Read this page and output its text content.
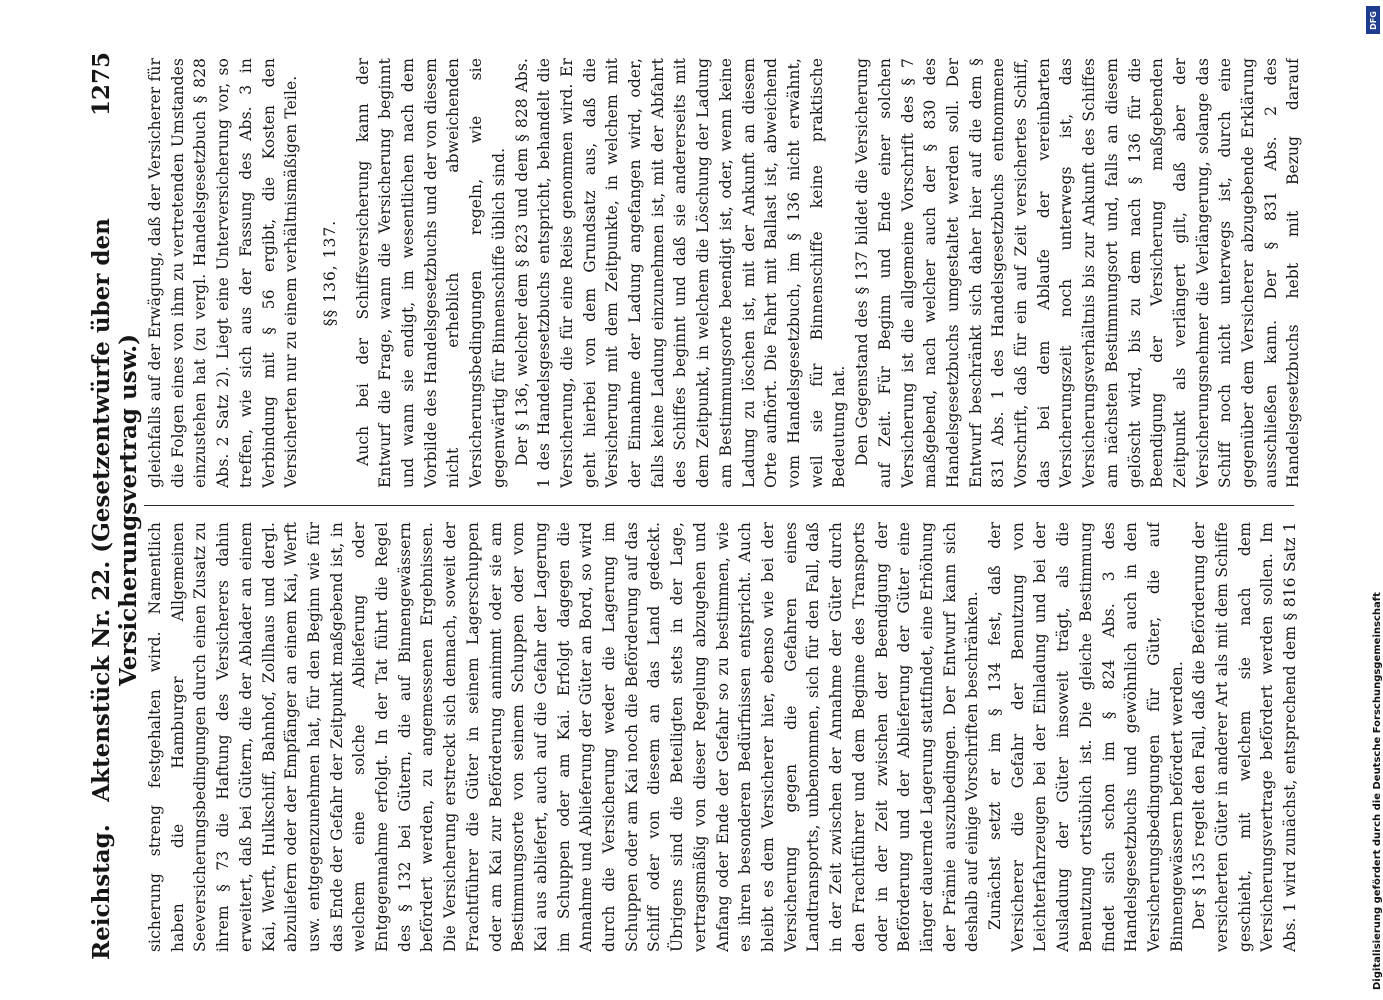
Reichstag.
Aktenstück Nr. 22. (Gesetzentwürfe über den Versicherungsvertrag usw.)
1275

sicherung streng festgehalten wird. Namentlich haben die Hamburger Allgemeinen Seeversicherungsbedingungen durch einen Zusatz zu ihrem § 73 die Haftung des Versicherers dahin erweitert, daß bei Gütern, die der Ablader an einem Kai, Werft, Hulkschiff, Bahnhof, Zollhaus und dergl. abzuliefern oder der Empfänger an einem Kai, Werft usw. entgegenzunehmen hat, für den Beginn wie für das Ende der Gefahr der Zeitpunkt maßgebend ist, in welchem eine solche Ablieferung oder Entgegennahme erfolgt. In der Tat führt die Regel des § 132 bei Gütern, die auf Binnengewässern befördert werden, zu angemessenen Ergebnissen. Die Versicherung erstreckt sich dennach, soweit der Frachtführer die Güter in seinem Lagerschuppen oder am Kai zur Beförderung annimmt oder sie am Bestimmungsorte von seinem Schuppen oder vom Kai aus abliefert, auch auf die Gefahr der Lagerung im Schuppen oder am Kai. Erfolgt dagegen die Annahme und Ablieferung der Güter an Bord, so wird durch die Versicherung weder die Lagerung im Schuppen oder am Kai noch die Beförderung auf das Schiff oder von diesem an das Land gedeckt. Übrigens sind die Beteiligten stets in der Lage, vertragsmäßig von dieser Regelung abzugehen und Anfang oder Ende der Gefahr so zu bestimmen, wie es ihren besonderen Bedürfnissen entspricht. Auch bleibt es dem Versicherer hier, ebenso wie bei der Versicherung gegen die Gefahren eines Landtransports, unbenommen, sich für den Fall, daß in der Zeit zwischen der Annahme der Güter durch den Frachtführer und dem Beginne des Transports oder in der Zeit zwischen der Beendigung der Beförderung und der Ablieferung der Güter eine länger dauernde Lagerung stattfindet, eine Erhöhung der Prämie auszubedingen. Der Entwurf kann sich deshalb auf einige Vorschriften beschränken. Zunächst setzt er im § 134 fest, daß der Versicherer die Gefahr der Benutzung von Leichterfahrzeugen bei der Einladung und bei der Ausladung der Güter insoweit trägt, als die Benutzung ortsüblich ist. Die gleiche Bestimmung findet sich schon im § 824 Abs. 3 des Handelsgesetzbuchs und gewöhnlich auch in den Versicherungsbedingungen für Güter, die auf Binnengewässern befördert werden. Der § 135 regelt den Fall, daß die Beförderung der versicherten Güter in anderer Art als mit dem Schiffe geschieht, mit welchem sie nach dem Versicherungsvertrage befördert werden sollen. Im Abs. 1 wird zunächst, entsprechend dem § 816 Satz 1

gleichfalls auf der Erwägung, daß der Versicherer für die Folgen eines von ihm zu vertretenden Umstandes einzustehen hat (zu vergl. Handelsgesetzbuch § 828 Abs. 2 Satz 2). Liegt eine Unterversicherung vor, so treffen, wie sich aus der Fassung des Abs. 3 in Verbindung mit § 56 ergibt, die Kosten den Versicherten nur zu einem verhältnismäßigen Teile. §§ 136, 137. Auch bei der Schiffsversicherung kann der Entwurf die Frage, wann die Versicherung beginnt und wann sie endigt, im wesentlichen nach dem Vorbilde des Handelsgesetzbuchs und der von diesem nicht erheblich abweichenden Versicherungsbedingungen regeln, wie sie gegenwärtig für Binnenschiffe üblich sind. Der § 136, welcher dem § 823 und dem § 828 Abs. 1 des Handelsgesetzbuchs entspricht, behandelt die Versicherung, die für eine Reise genommen wird. Er geht hierbei von dem Grundsatz aus, daß die Versicherung mit dem Zeitpunkte, in welchem mit der Einnahme der Ladung angefangen wird, oder, falls keine Ladung einzunehmen ist, mit der Abfahrt des Schiffes beginnt und daß sie andererseits mit dem Zeitpunkt, in welchem die Löschung der Ladung am Bestimmungsorte beendigt ist, oder, wenn keine Ladung zu löschen ist, mit der Ankunft an diesem Orte aufhört. Die Fahrt mit Ballast ist, abweichend vom Handelsgesetzbuch, im § 136 nicht erwähnt, weil sie für Binnenschiffe keine praktische Bedeutung hat. Den Gegenstand des § 137 bildet die Versicherung auf Zeit. Für Beginn und Ende einer solchen Versicherung ist die allgemeine Vorschrift des § 7 maßgebend, nach welcher auch der § 830 des Handelsgesetzbuchs umgestaltet werden soll. Der Entwurf beschränkt sich daher hier auf die dem § 831 Abs. 1 des Handelsgesetzbuchs entnommene Vorschrift, daß für ein auf Zeit versichertes Schiff, das bei dem Ablaufe der vereinbarten Versicherungszeit noch unterwegs ist, das Versicherungsverhältnis bis zur Ankunft des Schiffes am nächsten Bestimmungsort und, falls an diesem gelöscht wird, bis zu dem nach § 136 für die Beendigung der Versicherung maßgebenden Zeitpunkt als verlängert gilt, daß aber der Versicherungsnehmer die Verlängerung, solange das Schiff noch nicht unterwegs ist, durch eine gegenüber dem Versicherer abzugebende Erklärung ausschließen kann. Der § 831 Abs. 2 des Handelsgesetzbuchs hebt mit Bezug darauf

DFG
Digitalisierung gefördert durch die Deutsche Forschungsgemeinschaft
